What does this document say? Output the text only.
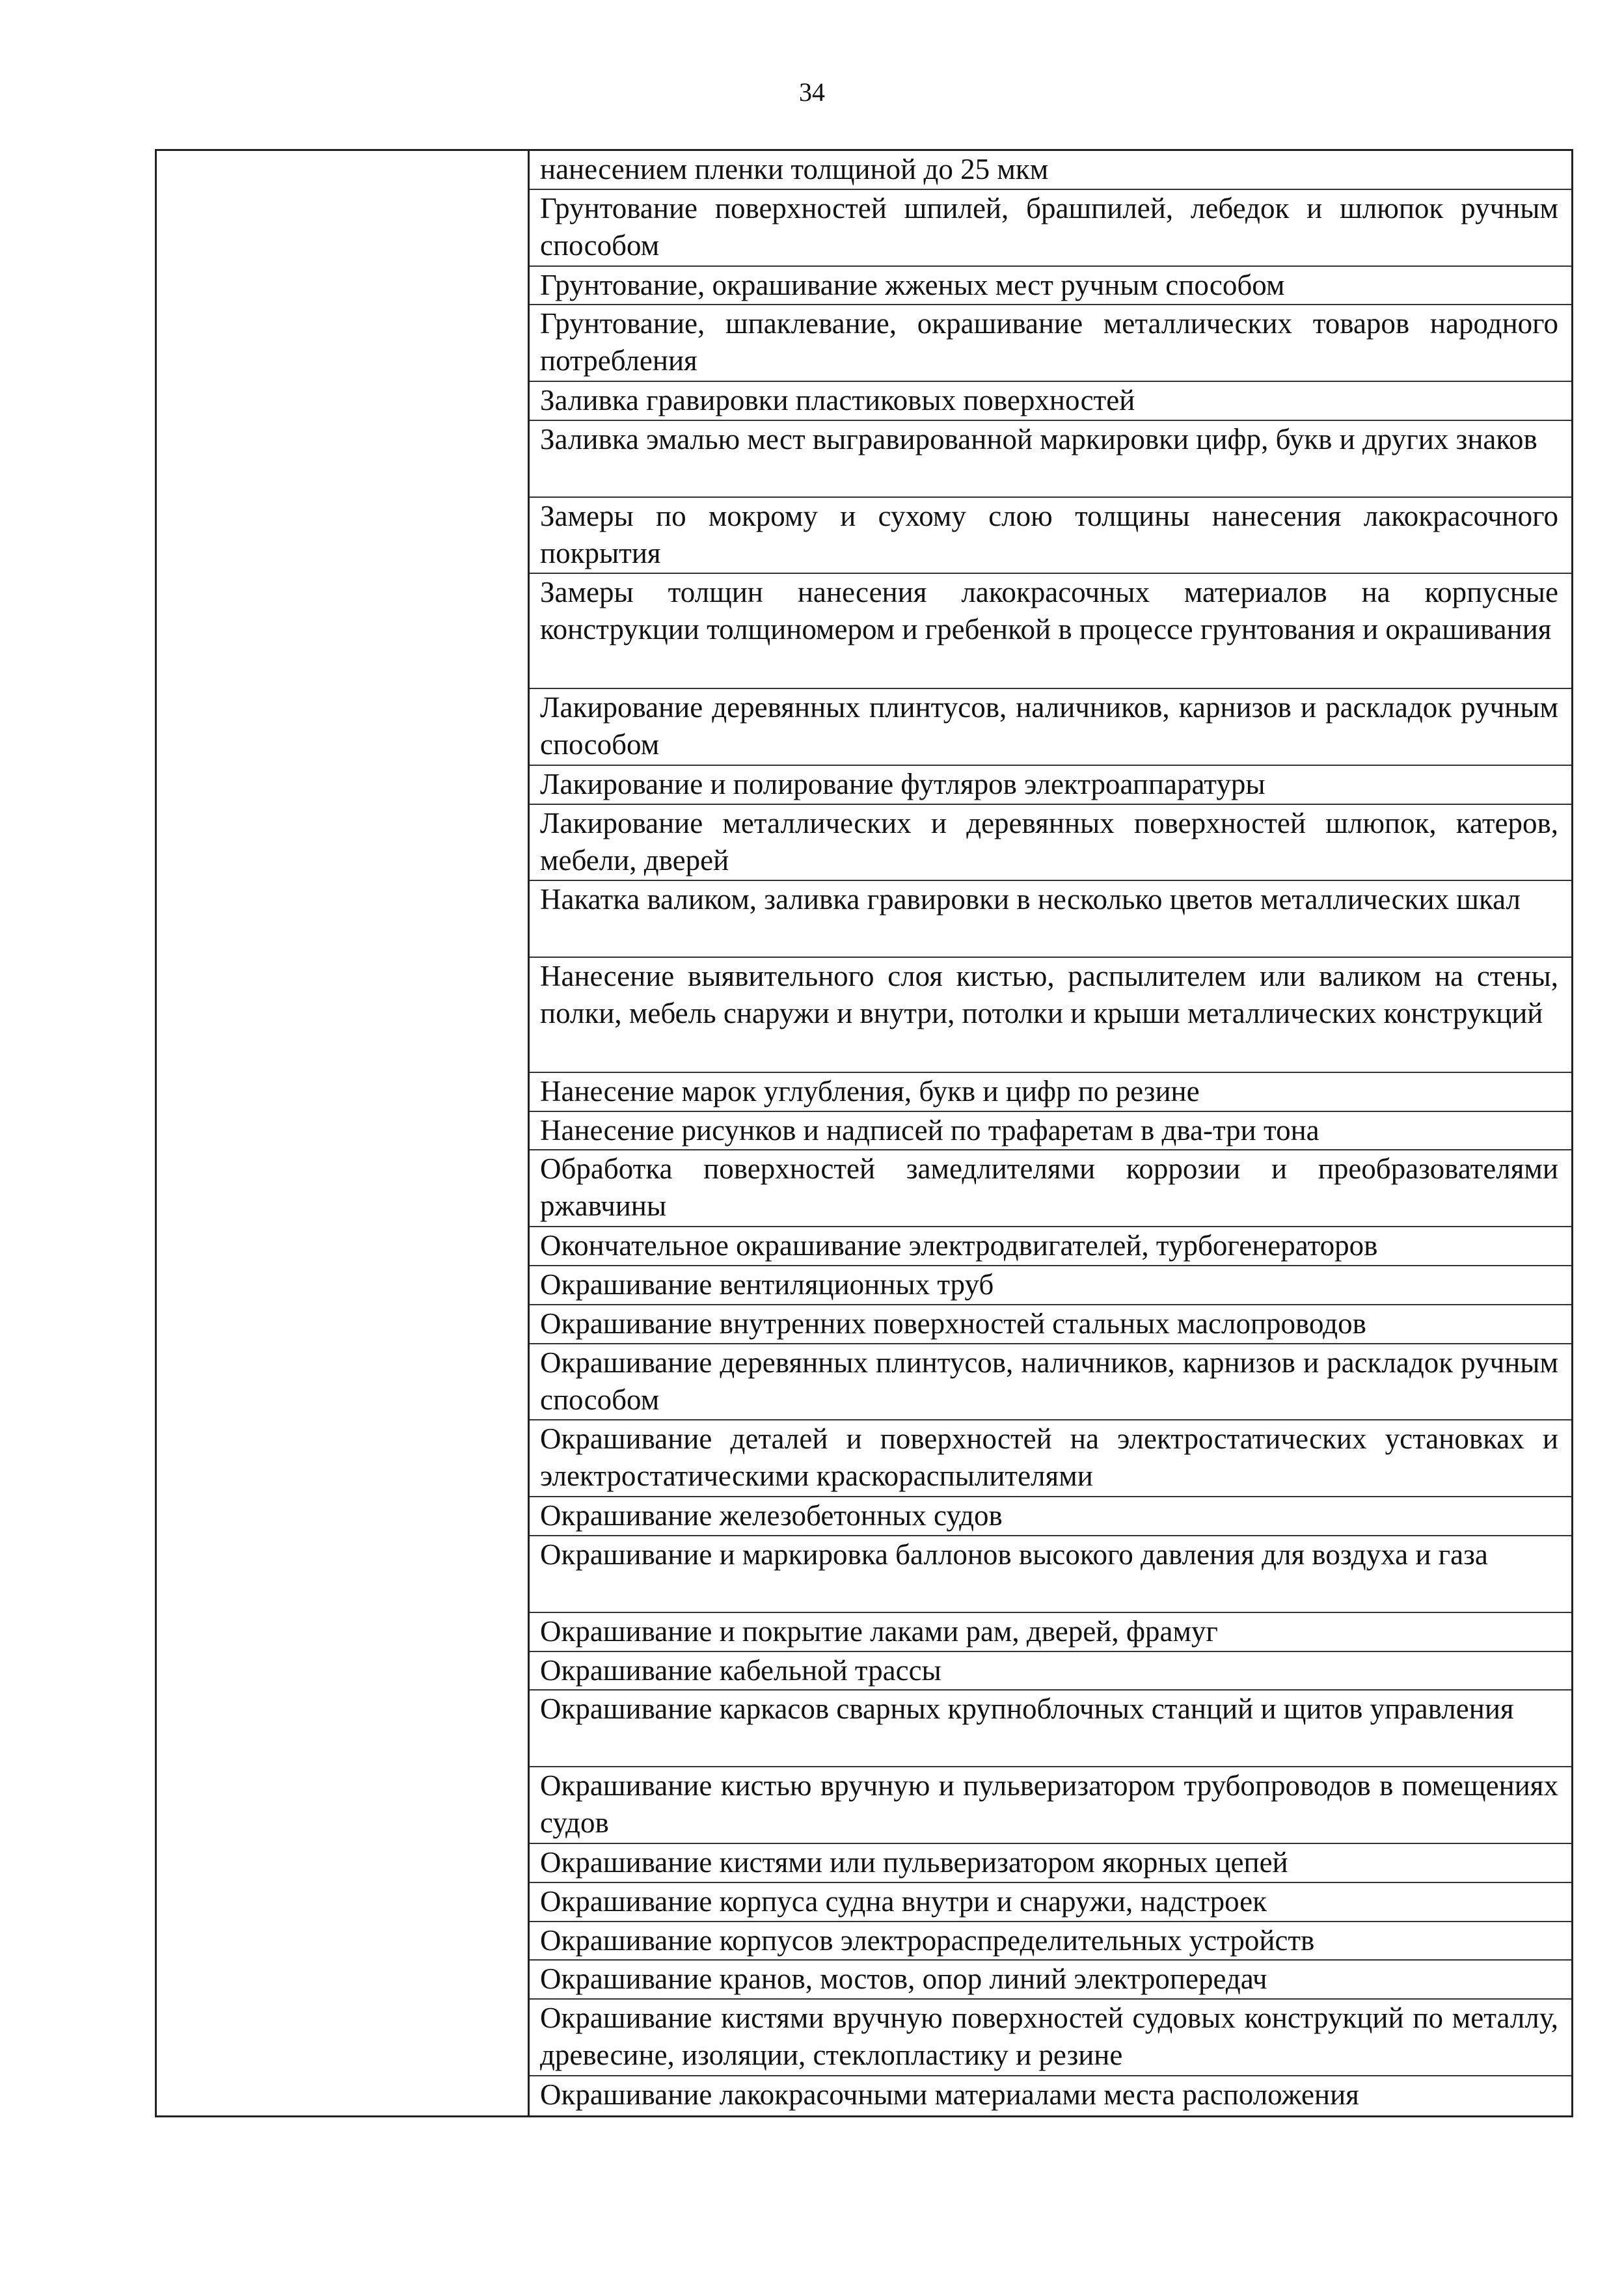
34
нанесением пленки толщиной до 25 мкм
Грунтование поверхностей шпилей, брашпилей, лебедок и шлюпок ручным способом
Грунтование, окрашивание жженых мест ручным способом
Грунтование, шпаклевание, окрашивание металлических товаров народного потребления
Заливка гравировки пластиковых поверхностей
Заливка эмалью мест выгравированной маркировки цифр, букв и других знаков
Замеры по мокрому и сухому слою толщины нанесения лакокрасочного покрытия
Замеры толщин нанесения лакокрасочных материалов на корпусные конструкции толщиномером и гребенкой в процессе грунтования и окрашивания
Лакирование деревянных плинтусов, наличников, карнизов и раскладок ручным способом
Лакирование и полирование футляров электроаппаратуры
Лакирование металлических и деревянных поверхностей шлюпок, катеров, мебели, дверей
Накатка валиком, заливка гравировки в несколько цветов металлических шкал
Нанесение выявительного слоя кистью, распылителем или валиком на стены, полки, мебель снаружи и внутри, потолки и крыши металлических конструкций
Нанесение марок углубления, букв и цифр по резине
Нанесение рисунков и надписей по трафаретам в два-три тона
Обработка поверхностей замедлителями коррозии и преобразователями ржавчины
Окончательное окрашивание электродвигателей, турбогенераторов
Окрашивание вентиляционных труб
Окрашивание внутренних поверхностей стальных маслопроводов
Окрашивание деревянных плинтусов, наличников, карнизов и раскладок ручным способом
Окрашивание деталей и поверхностей на электростатических установках и электростатическими краскораспылителями
Окрашивание железобетонных судов
Окрашивание и маркировка баллонов высокого давления для воздуха и газа
Окрашивание и покрытие лаками рам, дверей, фрамуг
Окрашивание кабельной трассы
Окрашивание каркасов сварных крупноблочных станций и щитов управления
Окрашивание кистью вручную и пульверизатором трубопроводов в помещениях судов
Окрашивание кистями или пульверизатором якорных цепей
Окрашивание корпуса судна внутри и снаружи, надстроек
Окрашивание корпусов электрораспределительных устройств
Окрашивание кранов, мостов, опор линий электропередач
Окрашивание кистями вручную поверхностей судовых конструкций по металлу, древесине, изоляции, стеклопластику и резине
Окрашивание лакокрасочными материалами места расположения
